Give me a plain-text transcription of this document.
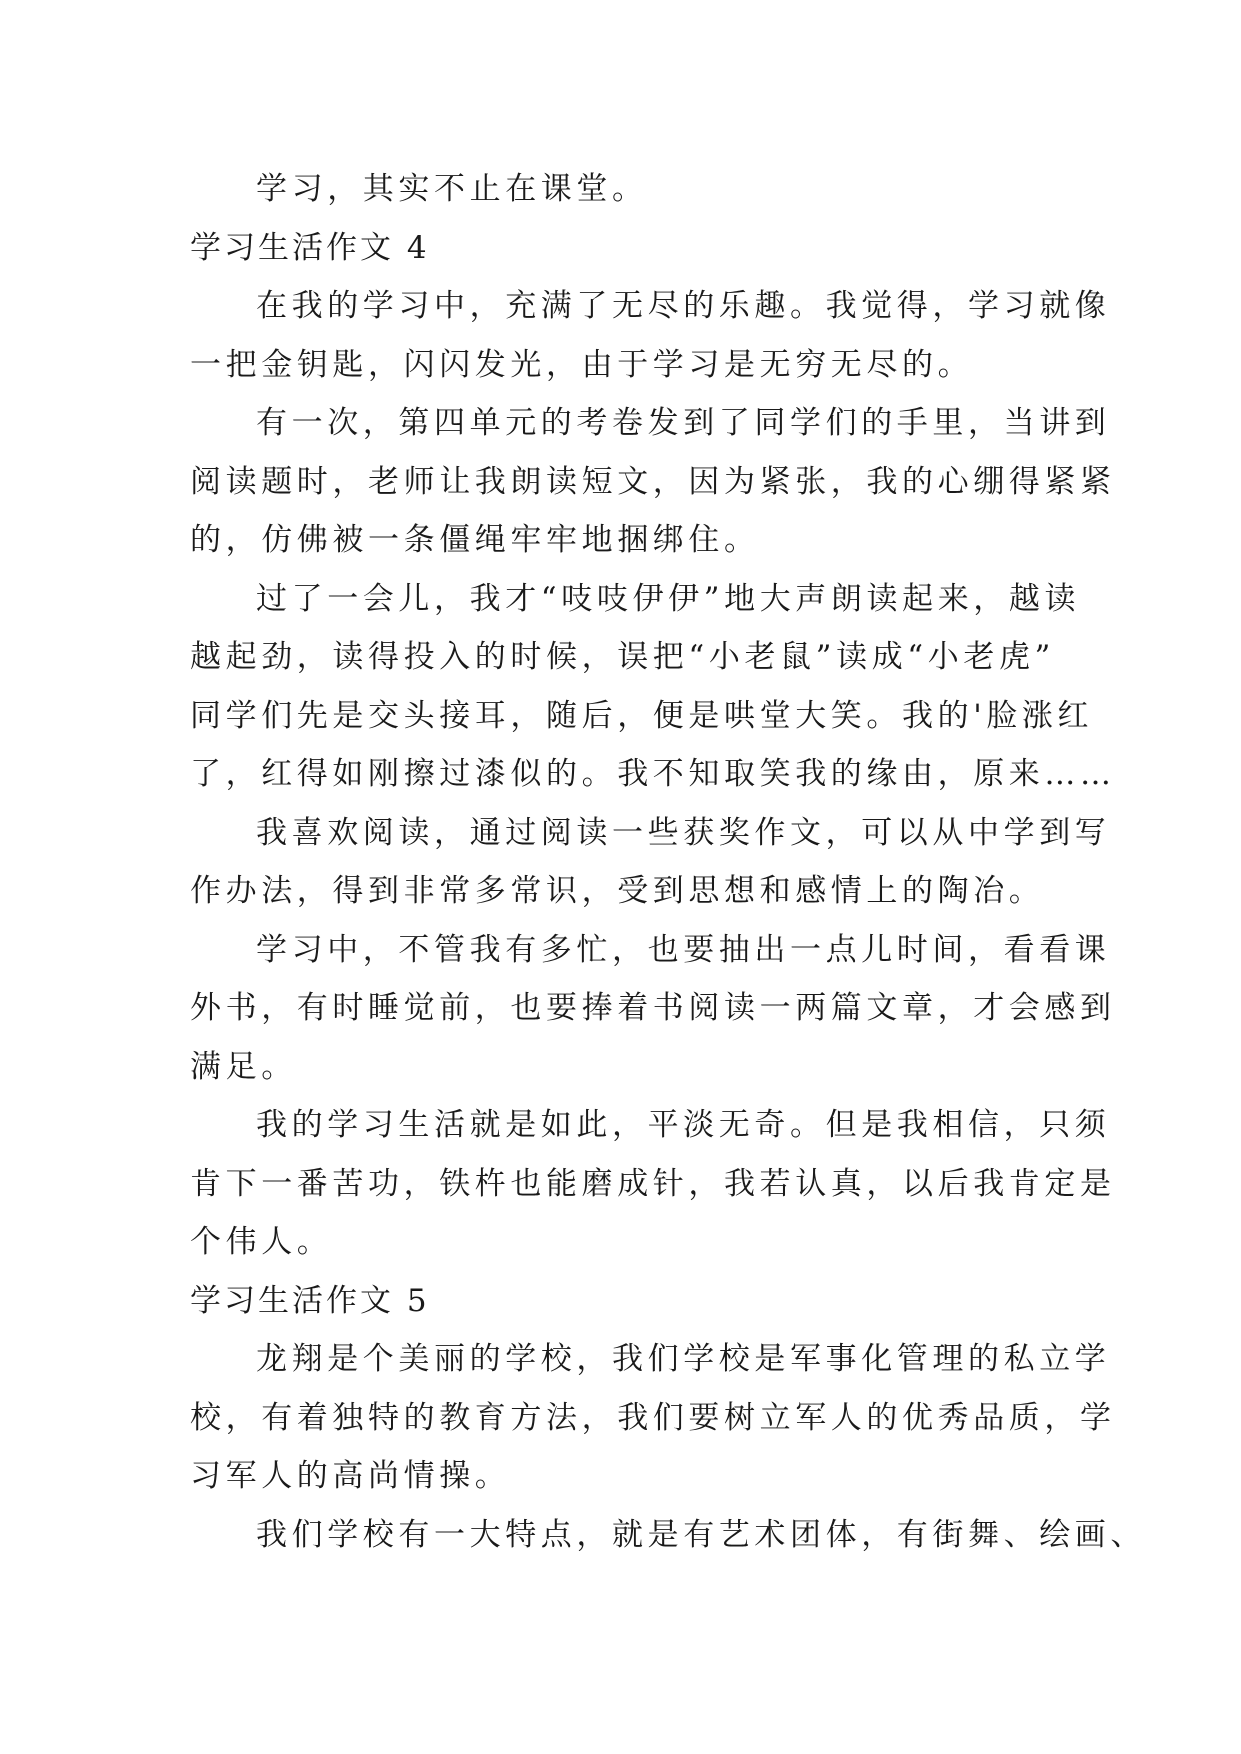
学习，其实不止在课堂。
学习生活作文 4
在我的学习中，充满了无尽的乐趣。我觉得，学习就像
一把金钥匙，闪闪发光，由于学习是无穷无尽的。
有一次，第四单元的考卷发到了同学们的手里，当讲到
阅读题时，老师让我朗读短文，因为紧张，我的心绷得紧紧
的，仿佛被一条僵绳牢牢地捆绑住。
过了一会儿，我才“吱吱伊伊”地大声朗读起来，越读
越起劲，读得投入的时候，误把“小老鼠”读成“小老虎”
同学们先是交头接耳，随后，便是哄堂大笑。我的'脸涨红
了，红得如刚擦过漆似的。我不知取笑我的缘由，原来……
我喜欢阅读，通过阅读一些获奖作文，可以从中学到写
作办法，得到非常多常识，受到思想和感情上的陶冶。
学习中，不管我有多忙，也要抽出一点儿时间，看看课
外书，有时睡觉前，也要捧着书阅读一两篇文章，才会感到
满足。
我的学习生活就是如此，平淡无奇。但是我相信，只须
肯下一番苦功，铁杵也能磨成针，我若认真，以后我肯定是
个伟人。
学习生活作文 5
龙翔是个美丽的学校，我们学校是军事化管理的私立学
校，有着独特的教育方法，我们要树立军人的优秀品质，学
习军人的高尚情操。
我们学校有一大特点，就是有艺术团体，有街舞、绘画、
